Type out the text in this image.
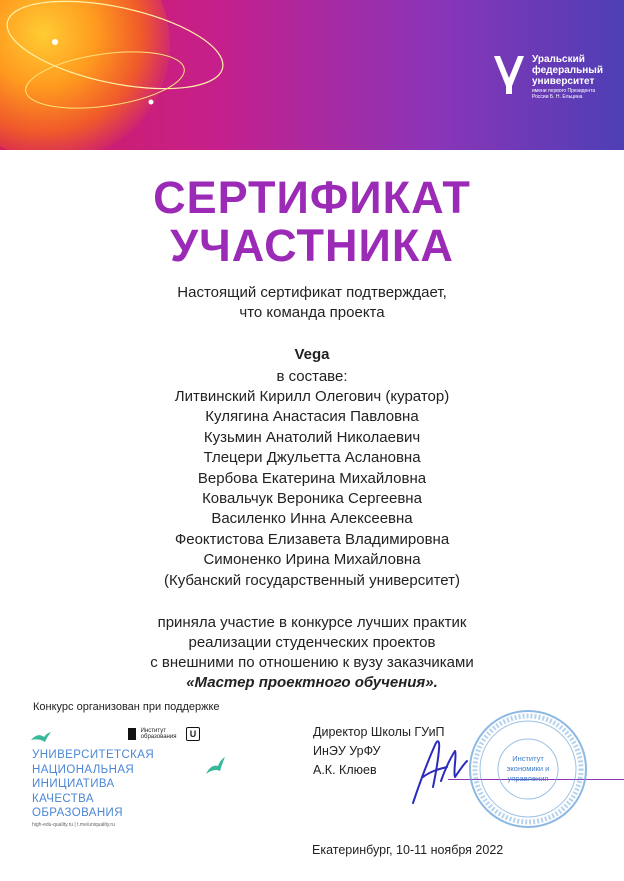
Уральский
федеральный
университет
имени первого Президента
России Б. Н. Ельцина
СЕРТИФИКАТ
УЧАСТНИКА
Настоящий сертификат подтверждает,
что команда проекта
Vega
в составе:
Литвинский Кирилл Олегович (куратор)
Кулягина Анастасия Павловна
Кузьмин Анатолий Николаевич
Тлецери Джульетта Аслановна
Вербова Екатерина Михайловна
Ковальчук Вероника Сергеевна
Василенко Инна Алексеевна
Феоктистова Елизавета Владимировна
Симоненко Ирина Михайловна
(Кубанский государственный университет)
приняла участие в конкурсе лучших практик
реализации студенческих проектов
с внешними по отношению к вузу заказчиками
«Мастер проектного обучения».
Конкурс организован при поддержке

Институт
образования	U
УНИВЕРСИТЕТСКАЯ
НАЦИОНАЛЬНАЯ
ИНИЦИАТИВА
КАЧЕСТВА
ОБРАЗОВАНИЯ
high-edu-quality.ru | t.me/uniquality.ru
Директор Школы ГУиП
ИнЭУ УрФУ
А.К. Клюев
Институт
экономики и
управления
Екатеринбург, 10-11 ноября 2022
